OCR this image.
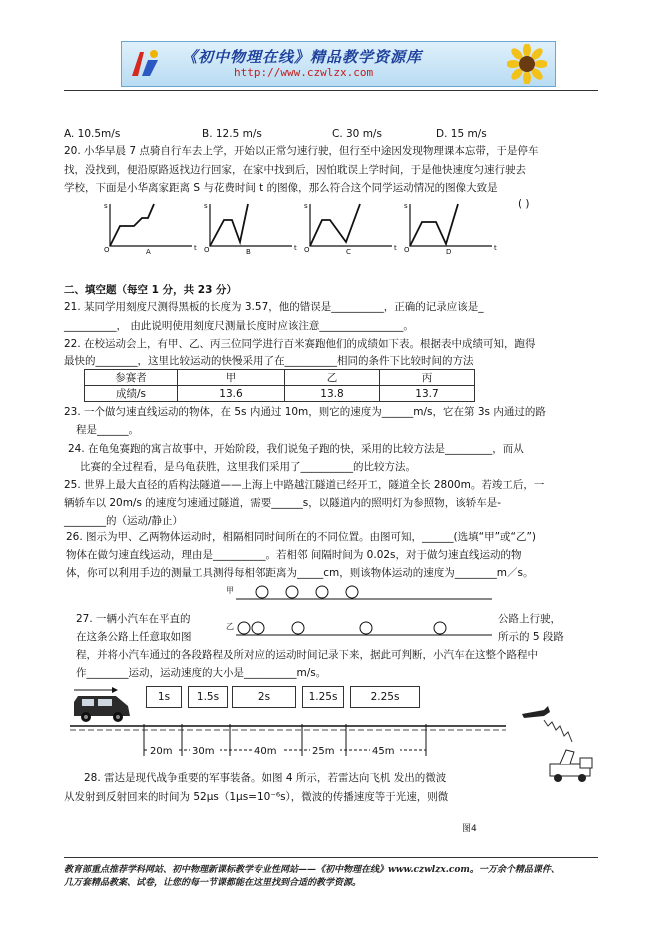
《初中物理在线》精品教学资源库
http://www.czwlzx.com
A. 10.5m/s	B. 12.5 m/s	C. 30 m/s	D. 15 m/s
20. 小华早晨 7 点骑自行车去上学，开始以正常匀速行驶，但行至中途因发现物理课本忘带，于是停车
找，没找到，便沿原路返找边行回家，在家中找到后，因怕耽误上学时间，于是他快速度匀速行驶去
学校，下面是小华离家距离 S 与花费时间 t 的图像，那么符合这个同学运动情况的图像大致是
( )
s
O	t
A
s
O	t
B
s
O	t
C
s
O	t
D
二、填空题（每空 1 分，共 23 分）
21. 某同学用刻度尺测得黑板的长度为 3.57，他的错误是__________，正确的记录应该是_
__________， 由此说明使用刻度尺测量长度时应该注意________________。
22. 在校运动会上，有甲、乙、丙三位同学进行百米赛跑他们的成绩如下表。根据表中成绩可知，跑得
最快的________，这里比较运动的快慢采用了在__________相同的条件下比较时间的方法
参赛者	甲	乙	丙
成绩/s	13.6	13.8	13.7
23. 一个做匀速直线运动的物体，在 5s 内通过 10m，则它的速度为______m/s，它在第 3s 内通过的路
程是______。
24. 在龟兔赛跑的寓言故事中，开始阶段，我们说兔子跑的快，采用的比较方法是_________，而从
比赛的全过程看，是乌龟获胜，这里我们采用了__________的比较方法。
25. 世界上最大直径的盾构法隧道——上海上中路越江隧道已经开工，隧道全长 2800m。若竣工后，一
辆轿车以 20m/s 的速度匀速通过隧道，需要______s，以隧道内的照明灯为参照物，该轿车是-
________的（运动/静止）
26. 图示为甲、乙两物体运动时，相隔相同时间所在的不同位置。由图可知，______(选填“甲”或“乙”)
物体在做匀速直线运动，理由是__________。若相邻 间隔时间为 0.02s，对于做匀速直线运动的物
体，你可以利用手边的测量工具测得每相邻距离为_____cm，则该物体运动的速度为________m／s。
甲
乙
27. 一辆小汽车在平直的	公路上行驶，
在这条公路上任意取如图	所示的 5 段路
程，并将小汽车通过的各段路程及所对应的运动时间记录下来，据此可判断，小汽车在这整个路程中
作________运动，运动速度的大小是__________m/s。
1s	1.5s	2s	1.25s	2.25s
20m 30m	40m	25m	45m
28. 雷达是现代战争重要的军事装备。如图 4 所示，若雷达向飞机 发出的微波
从发射到反射回来的时间为 52μs（1μs=10⁻⁶s），微波的传播速度等于光速，则微
图4
教育部重点推荐学科网站、初中物理新课标教学专业性网站——《初中物理在线》www.czwlzx.com。一万余个精品课件、
几万套精品教案、试卷，让您的每一节课都能在这里找到合适的教学资源。
